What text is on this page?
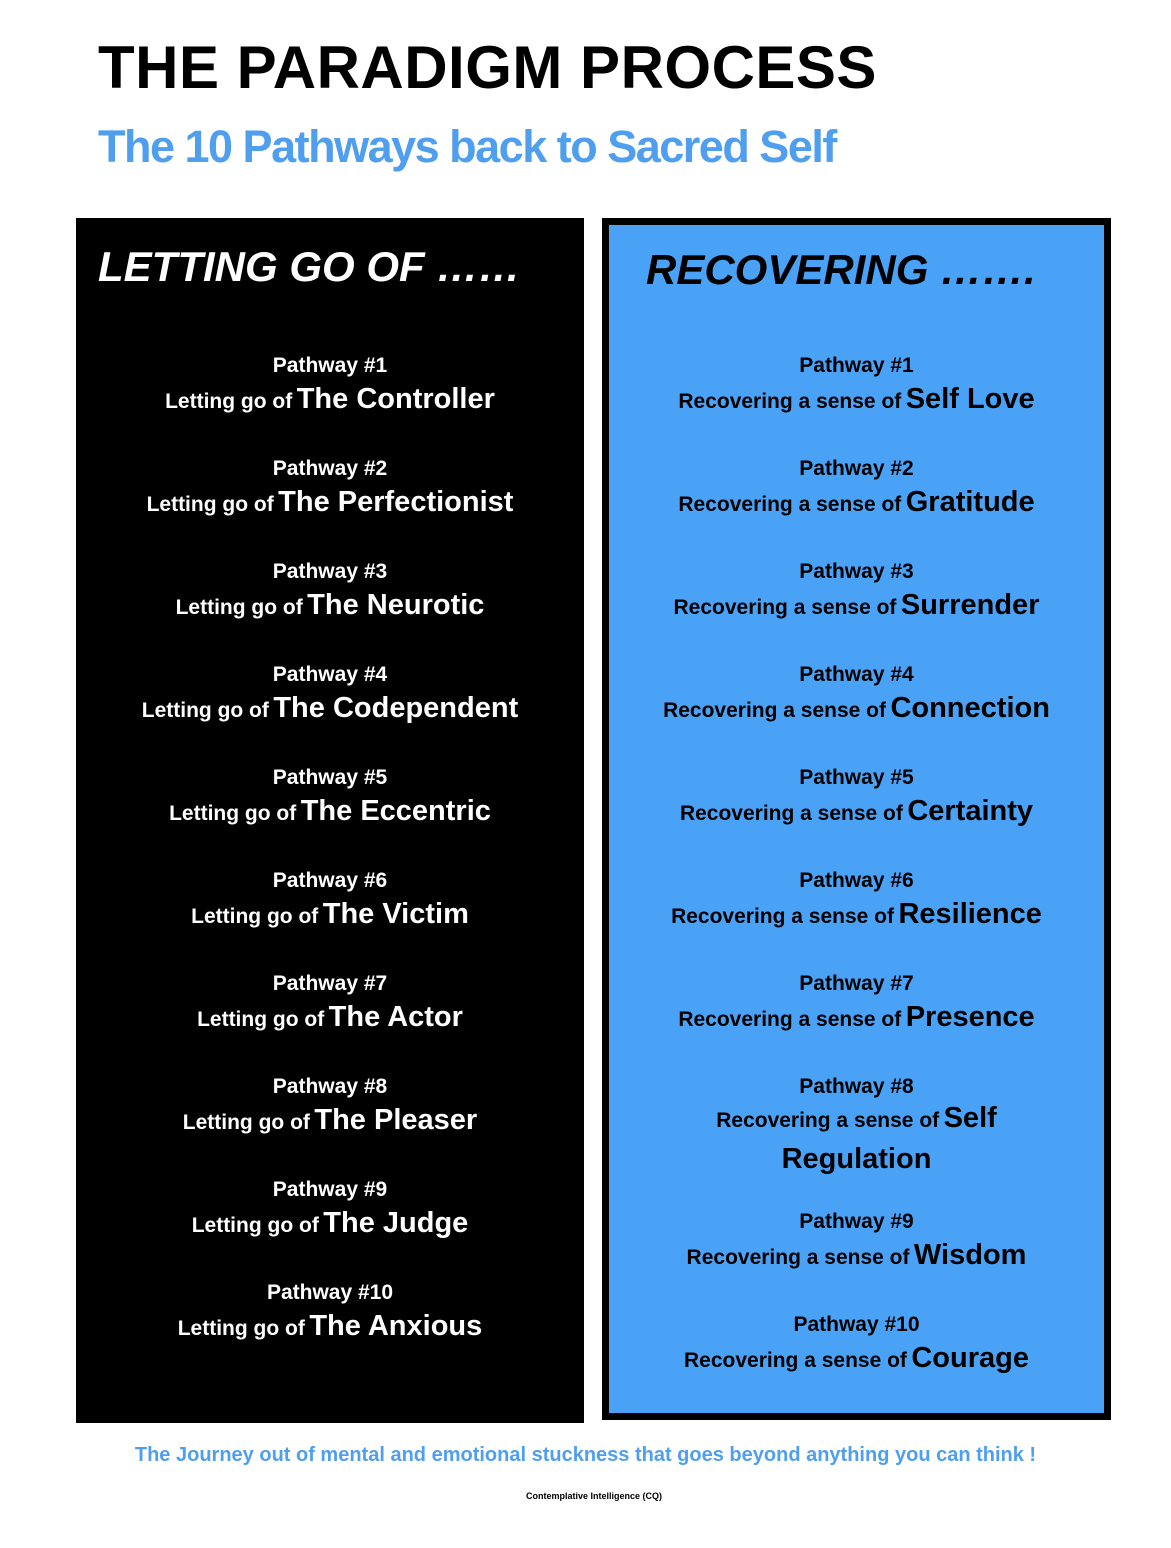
THE PARADIGM PROCESS
The 10 Pathways back to Sacred Self
LETTING GO OF ……
Pathway #1
Letting go of The Controller
Pathway #2
Letting go of The Perfectionist
Pathway #3
Letting go of The Neurotic
Pathway #4
Letting go of The Codependent
Pathway #5
Letting go of The Eccentric
Pathway #6
Letting go of The Victim
Pathway #7
Letting go of The Actor
Pathway #8
Letting go of The Pleaser
Pathway #9
Letting go of The Judge
Pathway #10
Letting go of The Anxious
RECOVERING …….
Pathway #1
Recovering a sense of Self Love
Pathway #2
Recovering a sense of Gratitude
Pathway #3
Recovering a sense of Surrender
Pathway #4
Recovering a sense of Connection
Pathway #5
Recovering a sense of Certainty
Pathway #6
Recovering a sense of Resilience
Pathway #7
Recovering a sense of Presence
Pathway #8
Recovering a sense of Self
Regulation
Pathway #9
Recovering a sense of Wisdom
Pathway #10
Recovering a sense of Courage
The Journey out of mental and emotional stuckness that goes beyond anything you can think !
Contemplative Intelligence (CQ)
